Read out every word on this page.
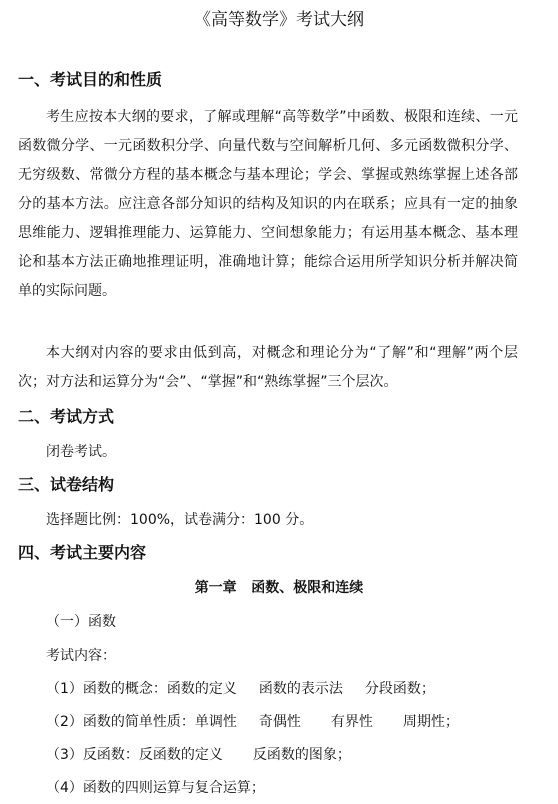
《高等数学》考试大纲
一、考试目的和性质

考生应按本大纲的要求，了解或理解“高等数学”中函数、极限和连续、一元函数微分学、一元函数积分学、向量代数与空间解析几何、多元函数微积分学、无穷级数、常微分方程的基本概念与基本理论；学会、掌握或熟练掌握上述各部分的基本方法。应注意各部分知识的结构及知识的内在联系；应具有一定的抽象思维能力、逻辑推理能力、运算能力、空间想象能力；有运用基本概念、基本理论和基本方法正确地推理证明，准确地计算；能综合运用所学知识分析并解决简单的实际问题。

本大纲对内容的要求由低到高，对概念和理论分为“了解”和“理解”两个层次；对方法和运算分为“会”、“掌握”和“熟练掌握”三个层次。

二、考试方式
闭卷考试。
三、试卷结构
选择题比例：100%，试卷满分：100 分。
四、考试主要内容
第一章   函数、极限和连续
（一）函数
考试内容：
（1）函数的概念：函数的定义 函数的表示法 分段函数；
（2）函数的简单性质：单调性 奇偶性 有界性 周期性；
（3）反函数：反函数的定义 反函数的图象；
（4）函数的四则运算与复合运算；
